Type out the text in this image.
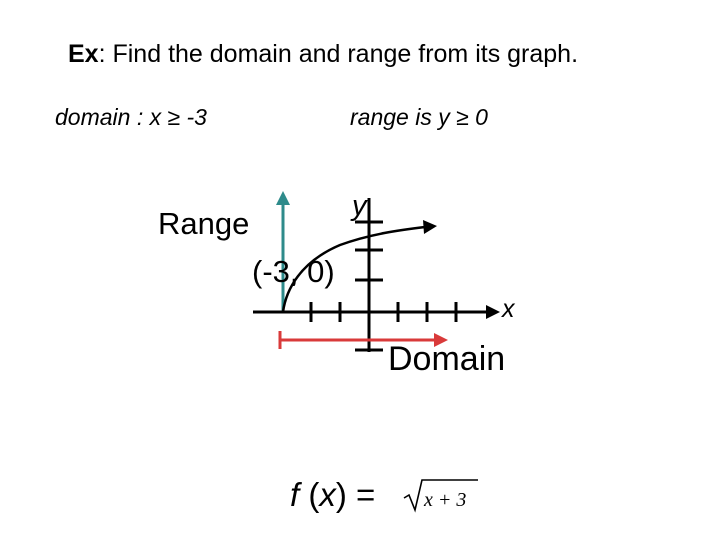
Ex: Find the domain and range from its graph.
domain : x ≥ -3	range is y ≥ 0
Range
(-3, 0)
y
x
Domain
f (x) = x + 3
